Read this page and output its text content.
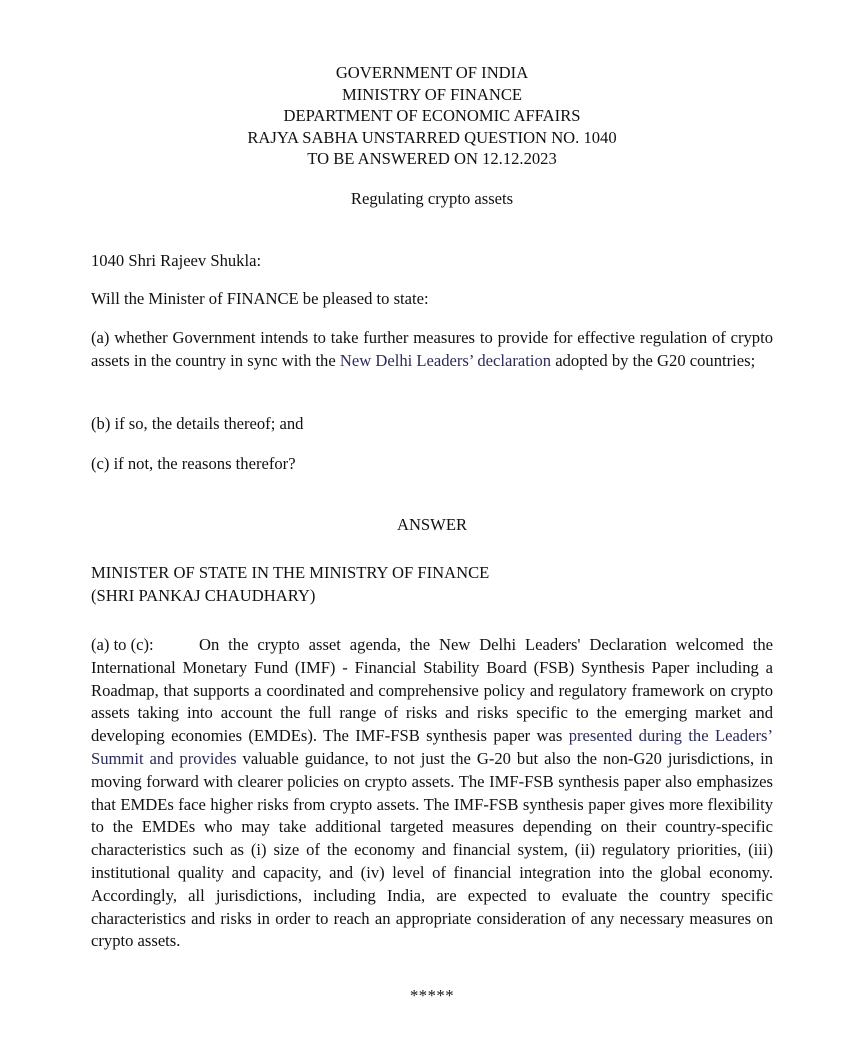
GOVERNMENT OF INDIA
MINISTRY OF FINANCE
DEPARTMENT OF ECONOMIC AFFAIRS
RAJYA SABHA UNSTARRED QUESTION NO. 1040
TO BE ANSWERED ON 12.12.2023
Regulating crypto assets
1040 Shri Rajeev Shukla:
Will the Minister of FINANCE be pleased to state:
(a) whether Government intends to take further measures to provide for effective regulation of crypto assets in the country in sync with the New Delhi Leaders’ declaration adopted by the G20 countries;
(b) if so, the details thereof; and
(c) if not, the reasons therefor?
ANSWER
MINISTER OF STATE IN THE MINISTRY OF FINANCE
(SHRI PANKAJ CHAUDHARY)
(a) to (c):	On the crypto asset agenda, the New Delhi Leaders' Declaration welcomed the International Monetary Fund (IMF) - Financial Stability Board (FSB) Synthesis Paper including a Roadmap, that supports a coordinated and comprehensive policy and regulatory framework on crypto assets taking into account the full range of risks and risks specific to the emerging market and developing economies (EMDEs). The IMF-FSB synthesis paper was presented during the Leaders’ Summit and provides valuable guidance, to not just the G-20 but also the non-G20 jurisdictions, in moving forward with clearer policies on crypto assets. The IMF-FSB synthesis paper also emphasizes that EMDEs face higher risks from crypto assets. The IMF-FSB synthesis paper gives more flexibility to the EMDEs who may take additional targeted measures depending on their country-specific characteristics such as (i) size of the economy and financial system, (ii) regulatory priorities, (iii) institutional quality and capacity, and (iv) level of financial integration into the global economy. Accordingly, all jurisdictions, including India, are expected to evaluate the country specific characteristics and risks in order to reach an appropriate consideration of any necessary measures on crypto assets.
*****
